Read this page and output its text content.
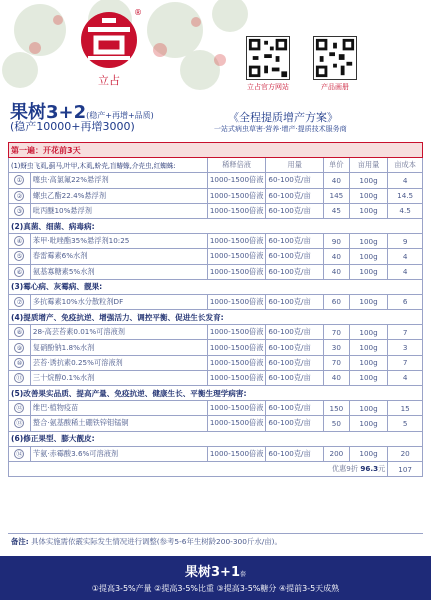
®
立占	立占官方网站	产品画册
果树3+2(稳产+再增+品质)
(稳产10000+再增3000)
《全程提质增产方案》
一站式病虫草害·营养·增产·提质技术服务商
第一遍：开花前3天						
(1)蚜虫飞虱,蓟马,叶甲,木虱,蚧壳,盲蝽蟓,介壳虫,红蜘蛛:		稀释倍液	用量	单价	亩用量	亩成本
①	噻虫·高氯氟22%悬浮剂	1000-1500倍液	60-100克/亩	40	100g	4
②	螺虫乙酯22.4%悬浮剂	1000-1500倍液	60-100克/亩	145	100g	14.5
③	吡丙醚10%悬浮剂	1000-1500倍液	60-100克/亩	45	100g	4.5
(2)真菌、细菌、病毒病:						
④	苯甲·吡唑酯35%悬浮剂10:25	1000-1500倍液	60-100克/亩	90	100g	9
⑤	春雷霉素6%水剂	1000-1500倍液	60-100克/亩	40	100g	4
⑥	氨基寡糖素5%水剂	1000-1500倍液	60-100克/亩	40	100g	4
(3)霉心病、灰霉病、靓果:						
⑦	多抗霉素10%水分散粒剂DF	1000-1500倍液	60-100克/亩	60	100g	6
(4)提质增产、免疫抗逆、增强活力、调控平衡、促进生长发育:						
⑧	28-高芸苔素0.01%可溶液剂	1000-1500倍液	60-100克/亩	70	100g	7
⑨	复硝酚钠1.8%水剂	1000-1500倍液	60-100克/亩	30	100g	3
⑩	芸苔·诱抗素0.25%可溶液剂	1000-1500倍液	60-100克/亩	70	100g	7
⑪	三十烷醇0.1%水剂	1000-1500倍液	60-100克/亩	40	100g	4
(5)改善果实品质、提高产量、免疫抗逆、健康生长、平衡生理学病害:						
⑫	维巴·植物疫苗	1000-1500倍液	60-100克/亩	150	100g	15
⑬	螯合·氨基酸稀土硼铁锌钼锰铜	1000-1500倍液	60-100克/亩	50	100g	5
(6)修正果型、膨大靓皮:						
⑭	苄氨·赤霉酸3.6%可溶液剂	1000-1500倍液	60-100克/亩	200	100g	20
优惠9折 96.3元						107
备注: 具体实施需依霰实际发生情况进行调整(参考5-6年生树龄200-300斤水/亩)。
果树3+1套
①提高3-5%产量 ②提高3-5%比重 ③提高3-5%糖分 ④提前3-5天成熟
